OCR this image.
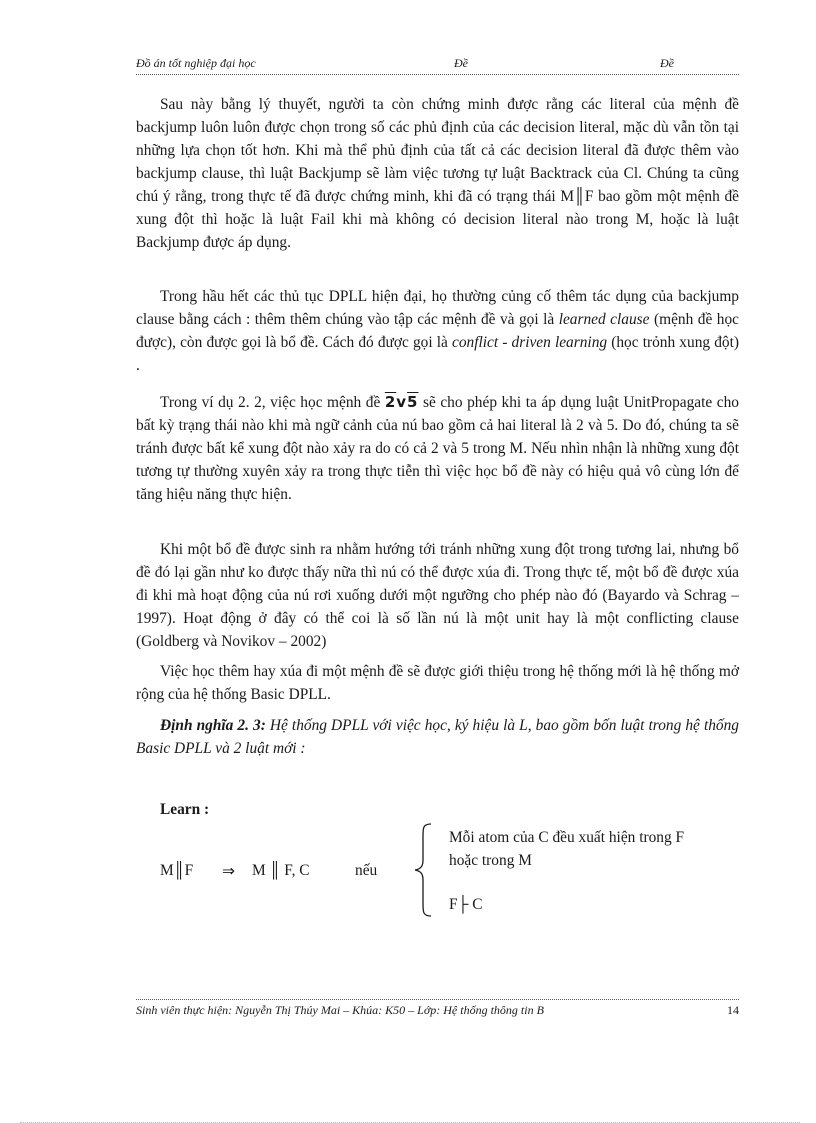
Đồ án tốt nghiệp đại học	Đề	Đề

Sau này bằng lý thuyết, người ta còn chứng minh được rằng các literal của mệnh đề backjump luôn luôn được chọn trong số các phủ định của các decision literal, mặc dù vẫn tồn tại những lựa chọn tốt hơn. Khi mà thể phủ định của tất cả các decision literal đã được thêm vào backjump clause, thì luật Backjump sẽ làm việc tương tự luật Backtrack của Cl. Chúng ta cũng chú ý rằng, trong thực tế đã được chứng minh, khi đã có trạng thái M║F bao gồm một mệnh đề xung đột thì hoặc là luật Fail khi mà không có decision literal nào trong M, hoặc là luật Backjump được áp dụng.

Trong hầu hết các thủ tục DPLL hiện đại, họ thường củng cố thêm tác dụng của backjump clause bằng cách : thêm thêm chúng vào tập các mệnh đề và gọi là learned clause (mệnh đề học được), còn được gọi là bổ đề. Cách đó được gọi là conflict - driven learning (học trỏnh xung đột) .

Trong ví dụ 2. 2, việc học mệnh đề 2v5 sẽ cho phép khi ta áp dụng luật UnitPropagate cho bất kỳ trạng thái nào khi mà ngữ cảnh của nú bao gồm cả hai literal là 2 và 5. Do đó, chúng ta sẽ tránh được bất kể xung đột nào xảy ra do có cả 2 và 5 trong M. Nếu nhìn nhận là những xung đột tương tự thường xuyên xảy ra trong thực tiễn thì việc học bổ đề này có hiệu quả vô cùng lớn để tăng hiệu năng thực hiện.

Khi một bổ đề được sinh ra nhằm hướng tới tránh những xung đột trong tương lai, nhưng bổ đề đó lại gần như ko được thấy nữa thì nú có thể được xúa đi. Trong thực tế, một bổ đề được xúa đi khi mà hoạt động của nú rơi xuống dưới một ngưỡng cho phép nào đó (Bayardo và Schrag – 1997). Hoạt động ở đây có thể coi là số lần nú là một unit hay là một conflicting clause (Goldberg và Novikov – 2002)

Việc học thêm hay xúa đi một mệnh đề sẽ được giới thiệu trong hệ thống mới là hệ thống mở rộng của hệ thống Basic DPLL.

Định nghĩa 2. 3: Hệ thống DPLL với việc học, ký hiệu là L, bao gồm bốn luật trong hệ thống Basic DPLL và 2 luật mới :

Learn :
M║F ⇒ M ║ F, C	nếu
Mỗi atom của C đều xuất hiện trong F hoặc trong M
F├ C
Sinh viên thực hiện: Nguyễn Thị Thúy Mai – Khúa: K50 – Lớp: Hệ thống thông tin B	14
